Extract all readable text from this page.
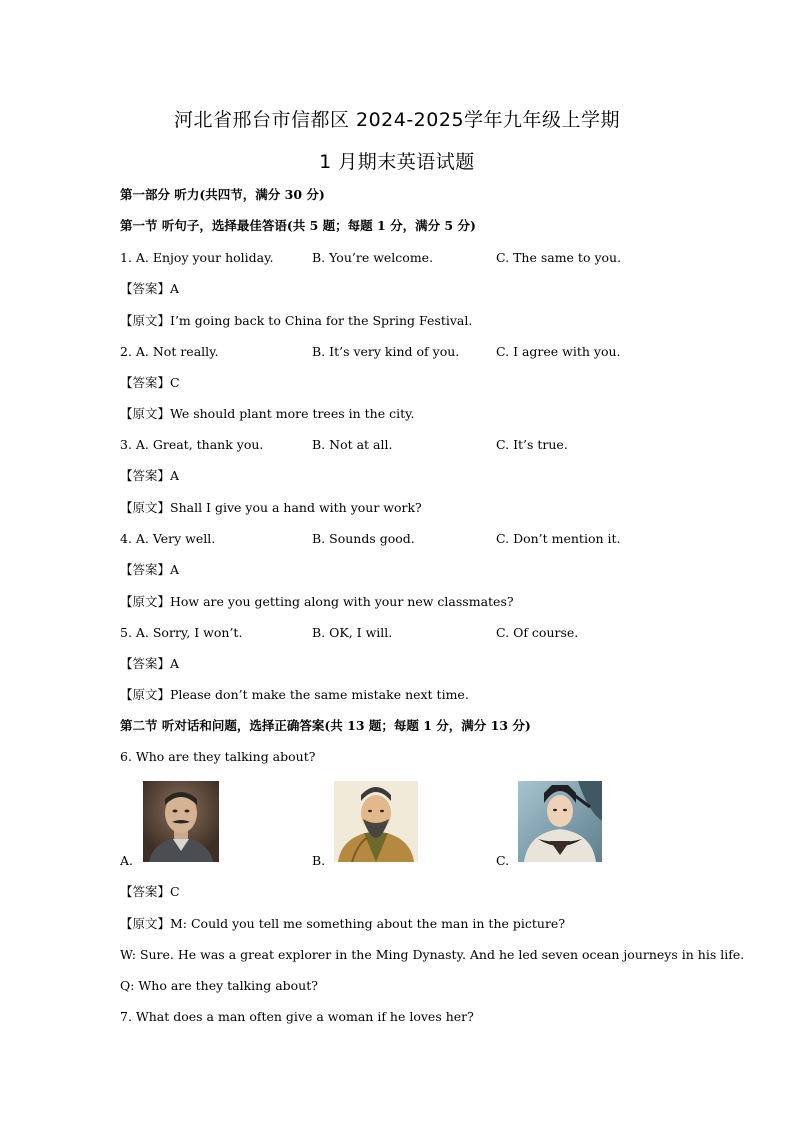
河北省邢台市信都区 2024-2025学年九年级上学期
1 月期末英语试题
第一部分 听力(共四节，满分 30 分)
第一节 听句子，选择最佳答语(共 5 题；每题 1 分，满分 5 分)
1. A. Enjoy your holiday.	B. You’re welcome.	C. The same to you.
【答案】A
【原文】I’m going back to China for the Spring Festival.
2. A. Not really.	B. It’s very kind of you.	C. I agree with you.
【答案】C
【原文】We should plant more trees in the city.
3. A. Great, thank you.	B. Not at all.	C. It’s true.
【答案】A
【原文】Shall I give you a hand with your work?
4. A. Very well.	B. Sounds good.	C. Don’t mention it.
【答案】A
【原文】How are you getting along with your new classmates?
5. A. Sorry, I won’t.	B. OK, I will.	C. Of course.
【答案】A
【原文】Please don’t make the same mistake next time.
第二节 听对话和问题，选择正确答案(共 13 题；每题 1 分，满分 13 分)
6. Who are they talking about?
A.	B.	C.
【答案】C
【原文】M: Could you tell me something about the man in the picture?
W: Sure. He was a great explorer in the Ming Dynasty. And he led seven ocean journeys in his life.
Q: Who are they talking about?
7. What does a man often give a woman if he loves her?
